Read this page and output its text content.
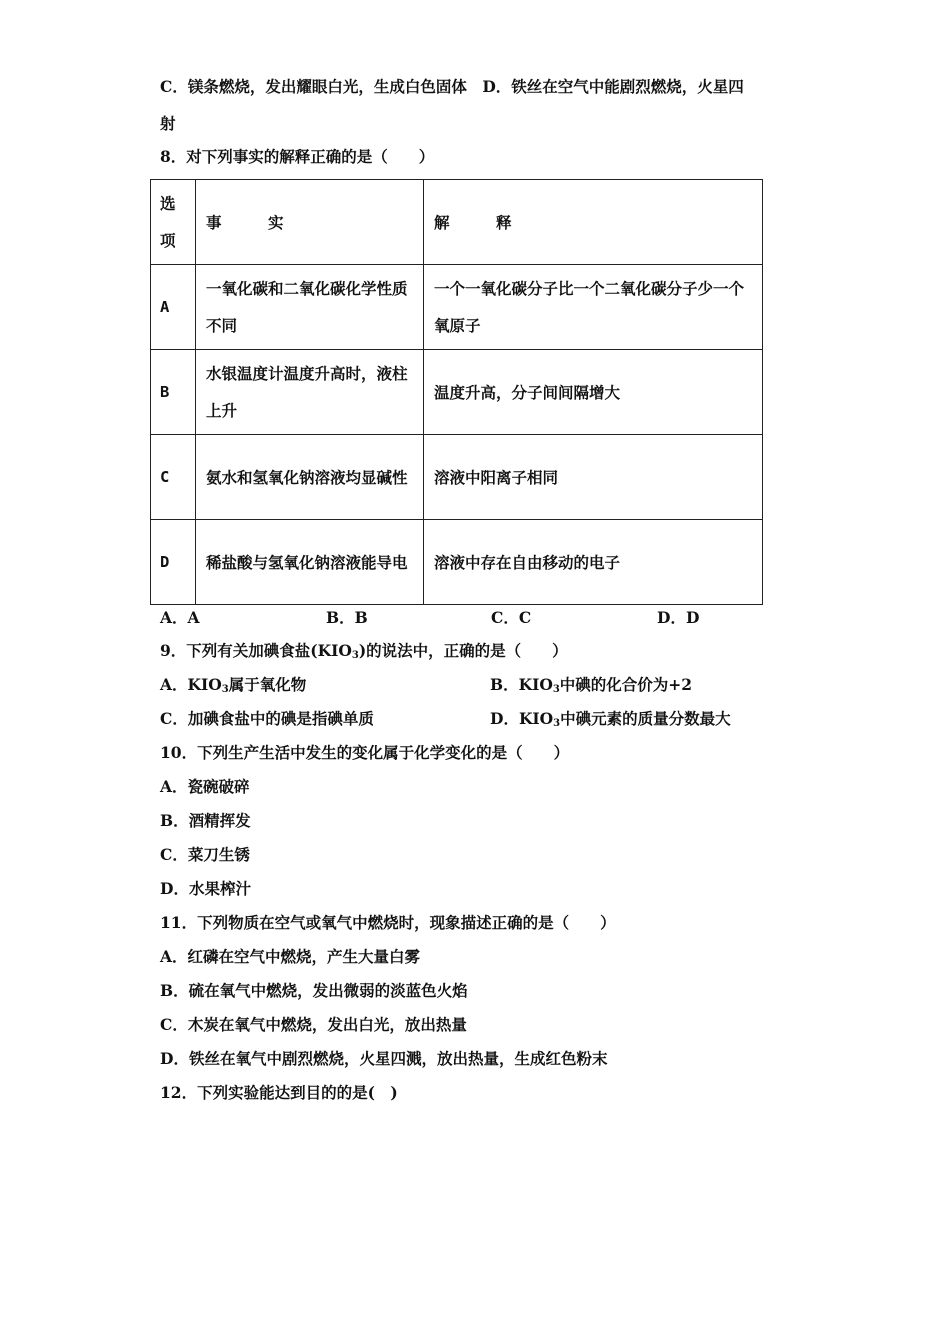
C．镁条燃烧，发出耀眼白光，生成白色固体　D．铁丝在空气中能剧烈燃烧，火星四
射
8．对下列事实的解释正确的是（　　）
选
项	事　　　实	解　　　释
A	一氧化碳和二氧化碳化学性质不同	一个一氧化碳分子比一个二氧化碳分子少一个氧原子
B	水银温度计温度升高时，液柱上升	温度升高，分子间间隔增大
C	氨水和氢氧化钠溶液均显碱性	溶液中阳离子相同
D	稀盐酸与氢氧化钠溶液能导电	溶液中存在自由移动的电子
A．A	B．B	C．C	D．D
9．下列有关加碘食盐$(KIO_3)$的说法中，正确的是（　　）
A．$KIO_3$属于氧化物	B．$KIO_3$中碘的化合价为+2
C．加碘食盐中的碘是指碘单质	D．$KIO_3$中碘元素的质量分数最大
10．下列生产生活中发生的变化属于化学变化的是（　　）
A．瓷碗破碎
B．酒精挥发
C．菜刀生锈
D．水果榨汁
11．下列物质在空气或氧气中燃烧时，现象描述正确的是（　　）
A．红磷在空气中燃烧，产生大量白雾
B．硫在氧气中燃烧，发出微弱的淡蓝色火焰
C．木炭在氧气中燃烧，发出白光，放出热量
D．铁丝在氧气中剧烈燃烧，火星四溅，放出热量，生成红色粉末
12．下列实验能达到目的的是(　)
